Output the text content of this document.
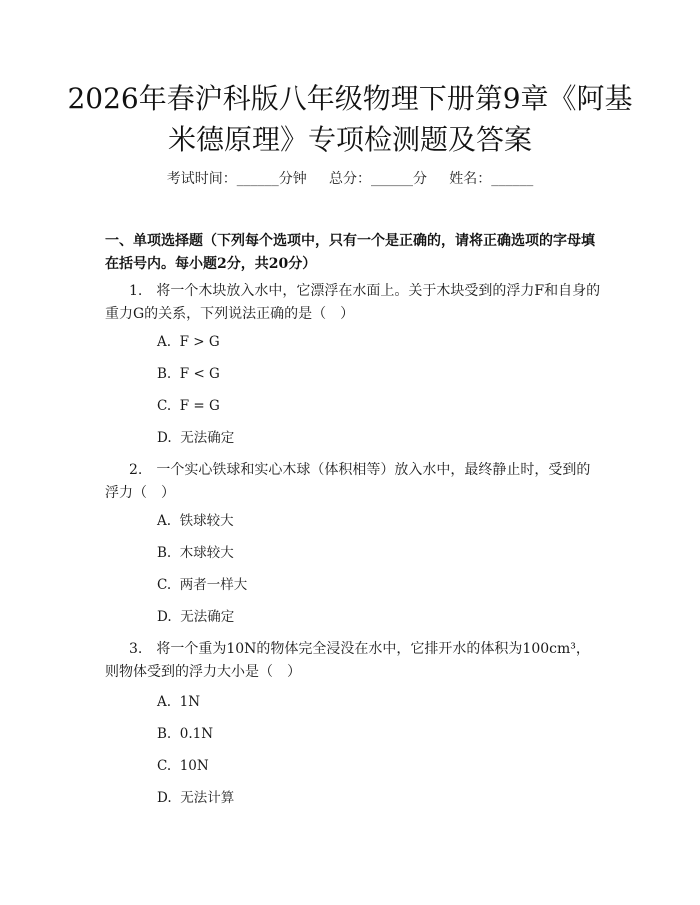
2026年春沪科版八年级物理下册第9章《阿基米德原理》专项检测题及答案
考试时间：______分钟     总分：______分     姓名：______
一、单项选择题（下列每个选项中，只有一个是正确的，请将正确选项的字母填在括号内。每小题2分，共20分）
1.　将一个木块放入水中，它漂浮在水面上。关于木块受到的浮力F和自身的重力G的关系，下列说法正确的是（　）
A.  F > G
B.  F < G
C.  F = G
D.  无法确定
2.　一个实心铁球和实心木球（体积相等）放入水中，最终静止时，受到的浮力（　）
A.  铁球较大
B.  木球较大
C.  两者一样大
D.  无法确定
3.　将一个重为10N的物体完全浸没在水中，它排开水的体积为100cm³，则物体受到的浮力大小是（　）
A.  1N
B.  0.1N
C.  10N
D.  无法计算
